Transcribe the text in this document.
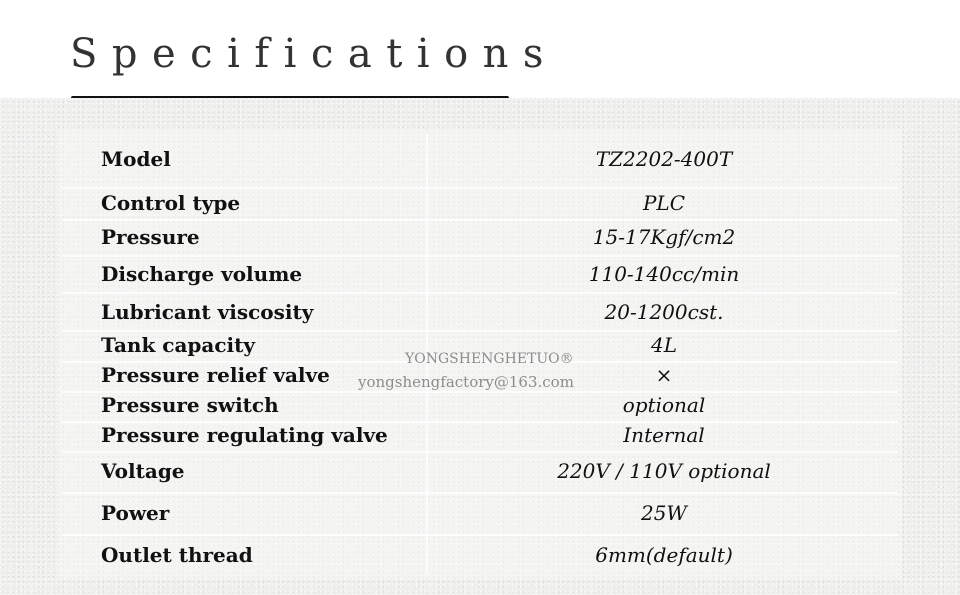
Specifications
Model	TZ2202-400T
Control type	PLC
Pressure	15-17Kgf/cm2
Discharge volume	110-140cc/min
Lubricant viscosity	20-1200cst.
Tank capacity	4L
Pressure relief valve	×
Pressure switch	optional
Pressure regulating valve	Internal
Voltage	220V / 110V optional
Power	25W
Outlet thread	6mm(default)
YONGSHENGHETUO®
yongshengfactory@163.com
